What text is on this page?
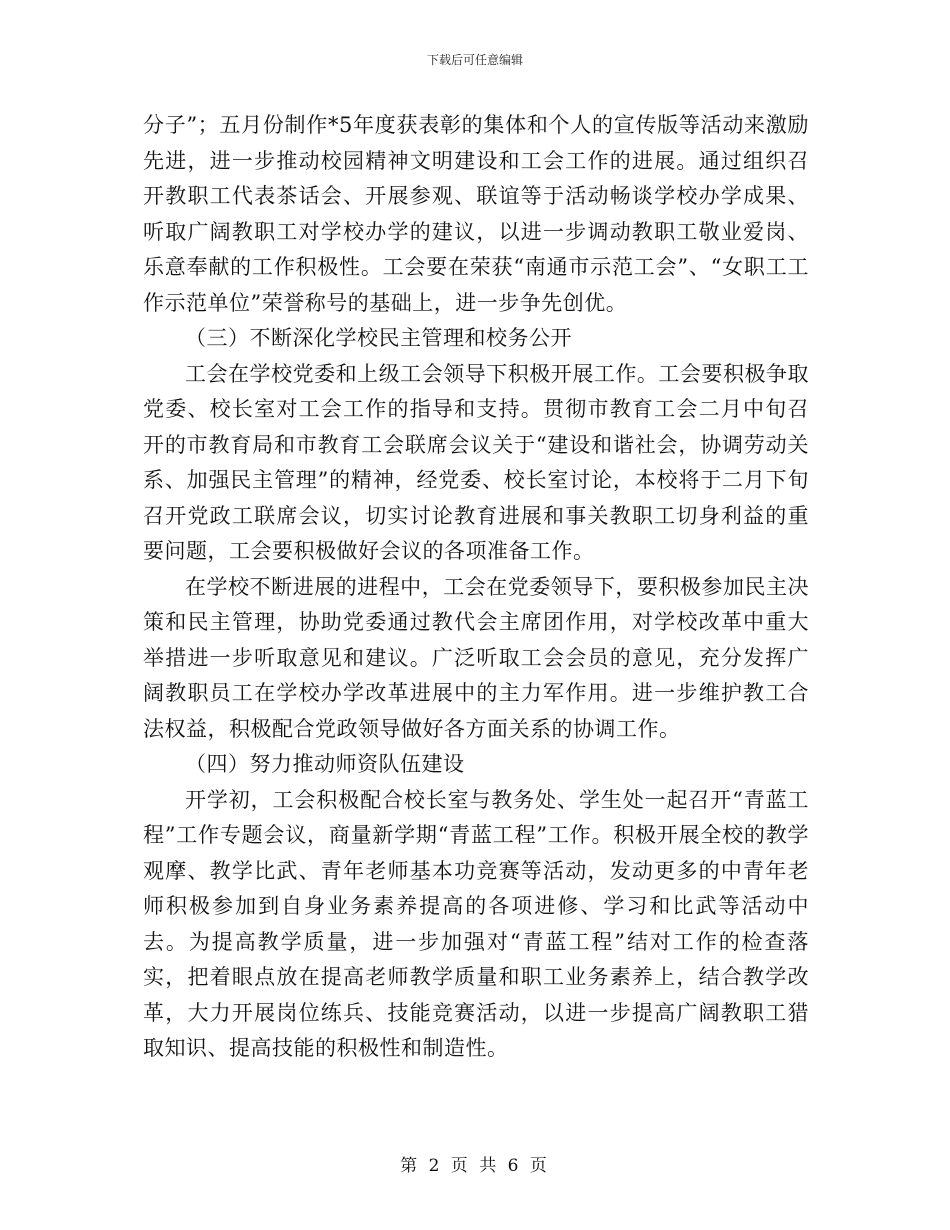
下载后可任意编辑

分子”；五月份制作*5年度获表彰的集体和个人的宣传版等活动来激励先进，进一步推动校园精神文明建设和工会工作的进展。通过组织召开教职工代表茶话会、开展参观、联谊等于活动畅谈学校办学成果、听取广阔教职工对学校办学的建议，以进一步调动教职工敬业爱岗、乐意奉献的工作积极性。工会要在荣获“南通市示范工会”、“女职工工作示范单位”荣誉称号的基础上，进一步争先创优。

（三）不断深化学校民主管理和校务公开

工会在学校党委和上级工会领导下积极开展工作。工会要积极争取党委、校长室对工会工作的指导和支持。贯彻市教育工会二月中旬召开的市教育局和市教育工会联席会议关于“建设和谐社会，协调劳动关系、加强民主管理”的精神，经党委、校长室讨论，本校将于二月下旬召开党政工联席会议，切实讨论教育进展和事关教职工切身利益的重要问题，工会要积极做好会议的各项准备工作。

在学校不断进展的进程中，工会在党委领导下，要积极参加民主决策和民主管理，协助党委通过教代会主席团作用，对学校改革中重大举措进一步听取意见和建议。广泛听取工会会员的意见，充分发挥广阔教职员工在学校办学改革进展中的主力军作用。进一步维护教工合法权益，积极配合党政领导做好各方面关系的协调工作。

（四）努力推动师资队伍建设

开学初，工会积极配合校长室与教务处、学生处一起召开“青蓝工程”工作专题会议，商量新学期“青蓝工程”工作。积极开展全校的教学观摩、教学比武、青年老师基本功竞赛等活动，发动更多的中青年老师积极参加到自身业务素养提高的各项进修、学习和比武等活动中去。为提高教学质量，进一步加强对“青蓝工程”结对工作的检查落实，把着眼点放在提高老师教学质量和职工业务素养上，结合教学改革，大力开展岗位练兵、技能竞赛活动，以进一步提高广阔教职工猎取知识、提高技能的积极性和制造性。

第 2 页 共 6 页
